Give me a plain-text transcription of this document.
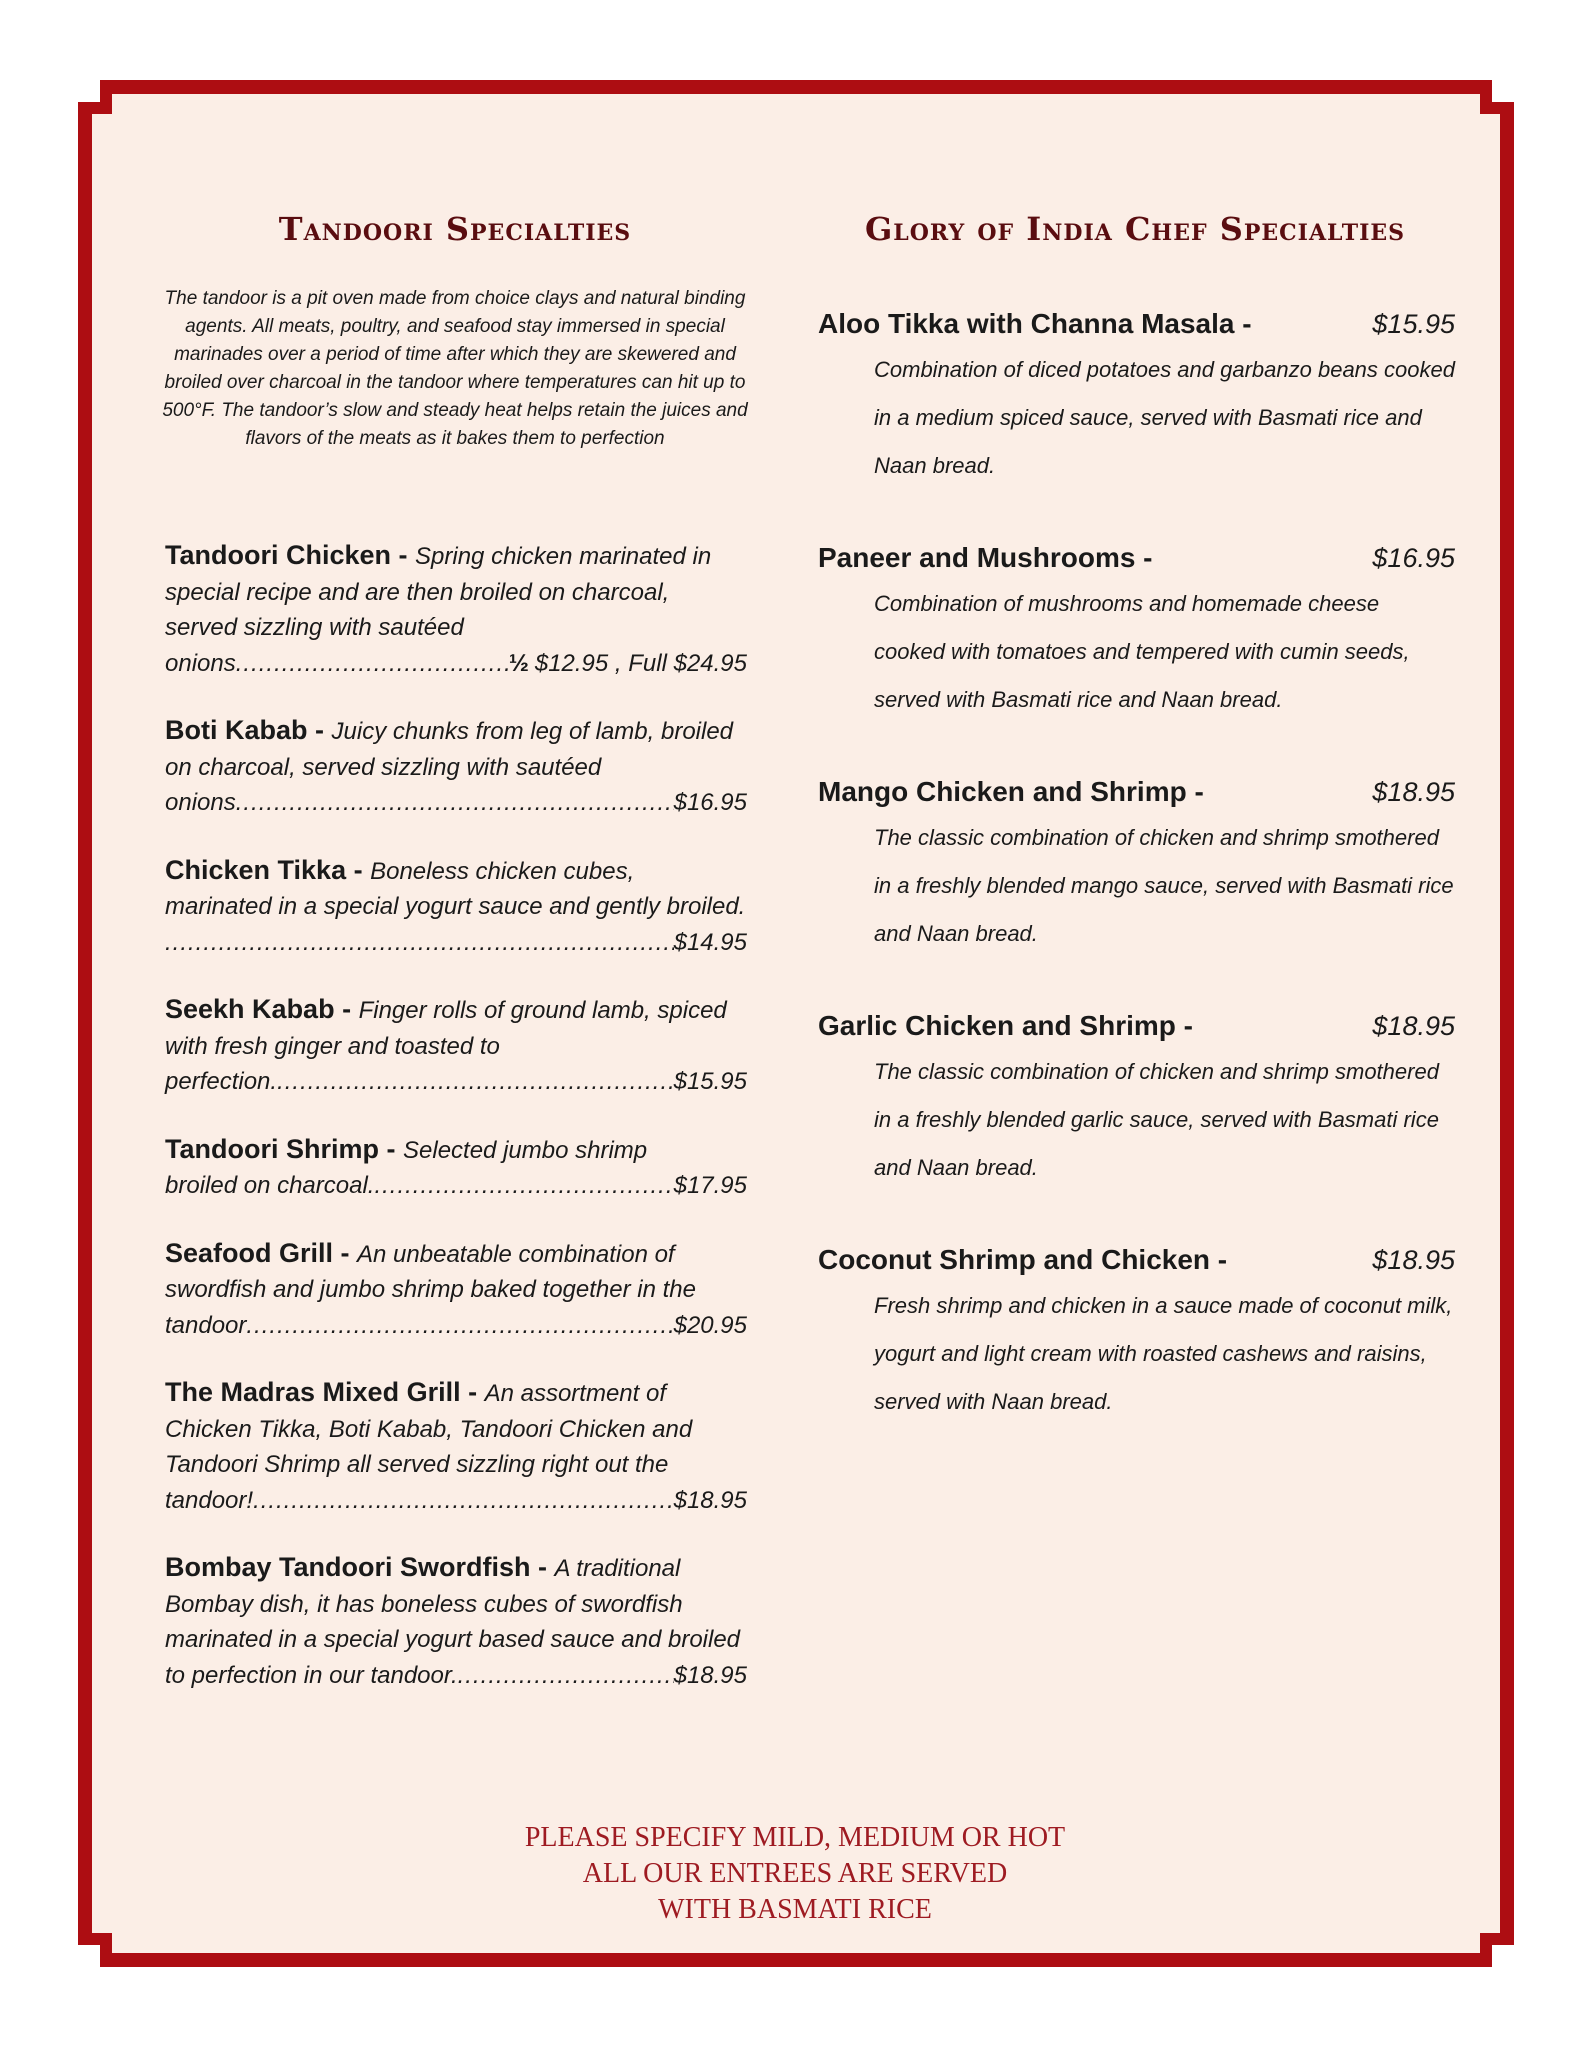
Tandoori Specialties	Glory of India Chef Specialties

The tandoor is a pit oven made from choice clays and natural binding agents. All meats, poultry, and seafood stay immersed in special marinades over a period of time after which they are skewered and broiled over charcoal in the tandoor where temperatures can hit up to 500°F. The tandoor’s slow and steady heat helps retain the juices and flavors of the meats as it bakes them to perfection

Tandoori Chicken - Spring chicken marinated in special recipe and are then broiled on charcoal, served sizzling with sautéed
onions .....	½ $12.95 , Full $24.95
Boti Kabab - Juicy chunks from leg of lamb, broiled on charcoal, served sizzling with sautéed
onions .....	$16.95
Chicken Tikka - Boneless chicken cubes, marinated in a special yogurt sauce and gently broiled.
.....
$14.95
Seekh Kabab - Finger rolls of ground lamb, spiced with fresh ginger and toasted to
perfection. .....	$15.95
Tandoori Shrimp - Selected jumbo shrimp
broiled on charcoal. .....	$17.95
Seafood Grill - An unbeatable combination of swordfish and jumbo shrimp baked together in the
tandoor .....	$20.95
The Madras Mixed Grill - An assortment of Chicken Tikka, Boti Kabab, Tandoori Chicken and Tandoori Shrimp all served sizzling right out the
tandoor! .....	$18.95
Bombay Tandoori Swordfish - A traditional Bombay dish, it has boneless cubes of swordfish marinated in a special yogurt based sauce and broiled
to perfection in our tandoor. .....	$18.95
Aloo Tikka with Channa Masala -	$15.95
Combination of diced potatoes and garbanzo beans cooked in a medium spiced sauce, served with Basmati rice and Naan bread.
Paneer and Mushrooms -	$16.95
Combination of mushrooms and homemade cheese cooked with tomatoes and tempered with cumin seeds, served with Basmati rice and Naan bread.
Mango Chicken and Shrimp -	$18.95
The classic combination of chicken and shrimp smothered in a freshly blended mango sauce, served with Basmati rice and Naan bread.
Garlic Chicken and Shrimp -	$18.95
The classic combination of chicken and shrimp smothered in a freshly blended garlic sauce, served with Basmati rice and Naan bread.
Coconut Shrimp and Chicken -	$18.95
Fresh shrimp and chicken in a sauce made of coconut milk, yogurt and light cream with roasted cashews and raisins, served with Naan bread.
PLEASE SPECIFY MILD, MEDIUM OR HOT
ALL OUR ENTREES ARE SERVED
WITH BASMATI RICE
